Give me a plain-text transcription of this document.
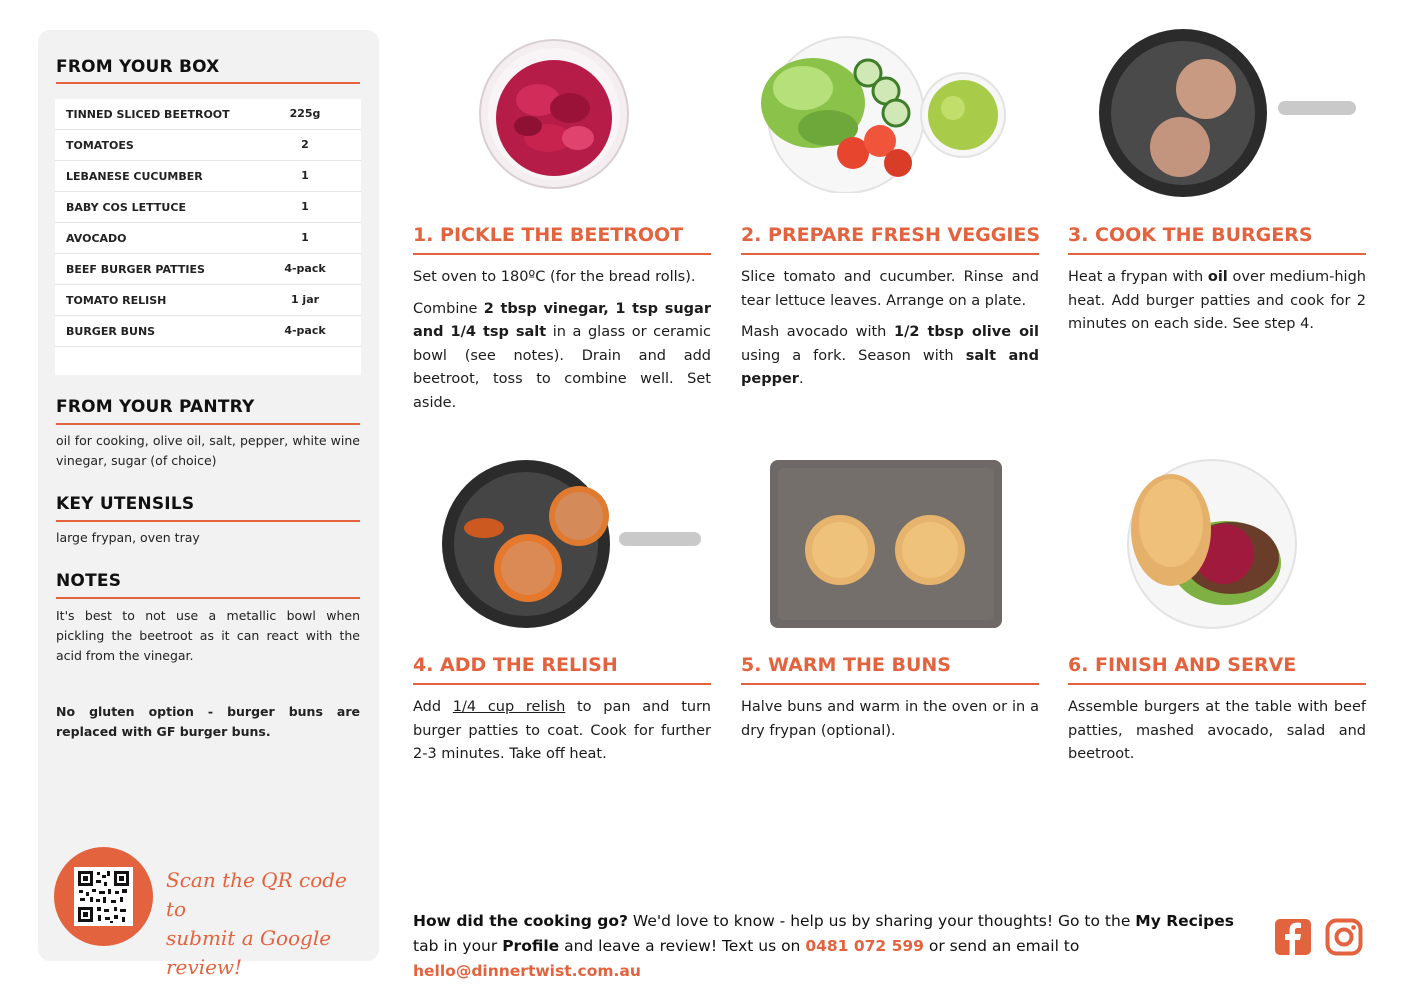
FROM YOUR BOX
TINNED SLICED BEETROOT	225g
TOMATOES	2
LEBANESE CUCUMBER	1
BABY COS LETTUCE	1
AVOCADO	1
BEEF BURGER PATTIES	4-pack
TOMATO RELISH	1 jar
BURGER BUNS	4-pack
FROM YOUR PANTRY
oil for cooking, olive oil, salt, pepper, white wine vinegar, sugar (of choice)
KEY UTENSILS
large frypan, oven tray
NOTES
It's best to not use a metallic bowl when pickling the beetroot as it can react with the acid from the vinegar.
No gluten option - burger buns are replaced with GF burger buns.
Scan the QR code to
submit a Google review!
1. PICKLE THE BEETROOT

Set oven to 180ºC (for the bread rolls).

Combine 2 tbsp vinegar, 1 tsp sugar and 1/4 tsp salt in a glass or ceramic bowl (see notes). Drain and add beetroot, toss to combine well. Set aside.

2. PREPARE FRESH VEGGIES

Slice tomato and cucumber. Rinse and tear lettuce leaves. Arrange on a plate.

Mash avocado with 1/2 tbsp olive oil using a fork. Season with salt and pepper.

3. COOK THE BURGERS

Heat a frypan with oil over medium-high heat. Add burger patties and cook for 2 minutes on each side. See step 4.

4. ADD THE RELISH

Add 1/4 cup relish to pan and turn burger patties to coat. Cook for further 2-3 minutes. Take off heat.

5. WARM THE BUNS

Halve buns and warm in the oven or in a dry frypan (optional).

6. FINISH AND SERVE

Assemble burgers at the table with beef patties, mashed avocado, salad and beetroot.

How did the cooking go? We'd love to know - help us by sharing your thoughts! Go to the My Recipes tab in your Profile and leave a review! Text us on 0481 072 599 or send an email to hello@dinnertwist.com.au
